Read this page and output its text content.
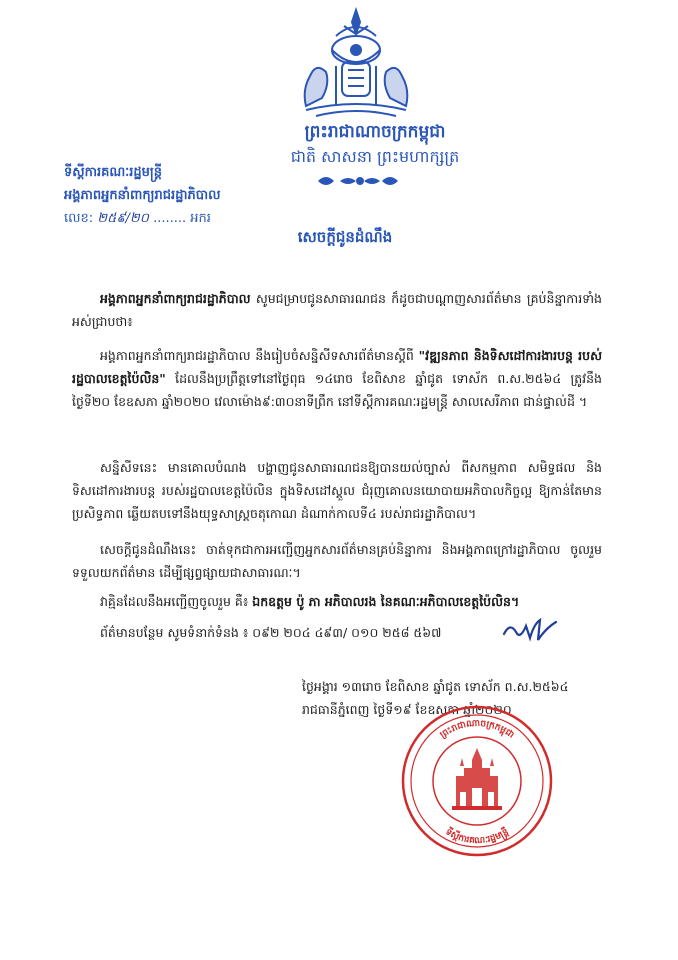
ព្រះរាជាណាចក្រកម្ពុជា
ជាតិ សាសនា ព្រះមហាក្សត្រ
ទីស្តីការគណៈរដ្ឋមន្ត្រី
អង្គភាពអ្នកនាំពាក្យរាជរដ្ឋាភិបាល
លេខ: ២៥៩/២០ ........ អករ
សេចក្តីជូនដំណឹង
អង្គភាពអ្នកនាំពាក្យរាជរដ្ឋាភិបាល សូមជម្រាបជូនសាធារណជន ក៏ដូចជាបណ្តាញសារព័ត៌មាន គ្រប់និន្នាការទាំងអស់ជ្រាបថា៖
អង្គភាពអ្នកនាំពាក្យរាជរដ្ឋាភិបាល នឹងរៀបចំសន្និសីទសារព័ត៌មានស្តីពី "វឌ្ឍនភាព និងទិសដៅការងារបន្ត របស់រដ្ឋបាលខេត្តប៉ៃលិន" ដែលនឹងប្រព្រឹត្តទៅនៅថ្ងៃពុធ ១៤រោច ខែពិសាខ ឆ្នាំជូត ទោស័ក ព.ស.២៥៦៤ ត្រូវនឹងថ្ងៃទី២០ ខែឧសភា ឆ្នាំ២០២០ វេលាម៉ោង៩:៣០នាទីព្រឹក នៅទីស្តីការគណៈរដ្ឋមន្ត្រី សាលសេរីភាព ជាន់ផ្ទាល់ដី ។
សន្និសីទនេះ មានគោលបំណង បង្ហាញជូនសាធារណជនឱ្យបានយល់ច្បាស់ ពីសកម្មភាព សមិទ្ធផល និងទិសដៅការងារបន្ត របស់រដ្ឋបាលខេត្តប៉ៃលិន ក្នុងទិសដៅស្តួល ជំរុញគោលនយោបាយអភិបាលកិច្ចល្អ ឱ្យកាន់តែមានប្រសិទ្ធភាព ឆ្លើយតបទៅនឹងយុទ្ធសាស្ត្រចតុកោណ ដំណាក់កាលទី៤ របស់រាជរដ្ឋាភិបាល។
សេចក្តីជូនដំណឹងនេះ ចាត់ទុកជាការអញ្ជើញអ្នកសារព័ត៌មានគ្រប់និន្នាការ និងអង្គភាពក្រៅរដ្ឋាភិបាល ចូលរួមទទួលយកព័ត៌មាន ដើម្បីផ្សព្វផ្សាយជាសាធារណៈ។
វាគ្មិនដែលនឹងអញ្ជើញចូលរួម គឺ៖ ឯកឧត្តម ប៉ូ ភា អភិបាលរង នៃគណៈអភិបាលខេត្តប៉ៃលិន។
ព័ត៌មានបន្ថែម សូមទំនាក់ទំនង ៖ ០៩២ ២០៤ ៤៩៣/ ០១០ ២៥៨ ៥៦៧
ថ្ងៃអង្គារ ១៣រោច ខែពិសាខ ឆ្នាំជូត ទោស័ក ព.ស.២៥៦៤
រាជធានីភ្នំពេញ ថ្ងៃទី១៩ ខែឧសភា ឆ្នាំ២០២០
ព្រះរាជាណាចក្រកម្ពុជា
ទីស្តីការគណៈរដ្ឋមន្ត្រី
